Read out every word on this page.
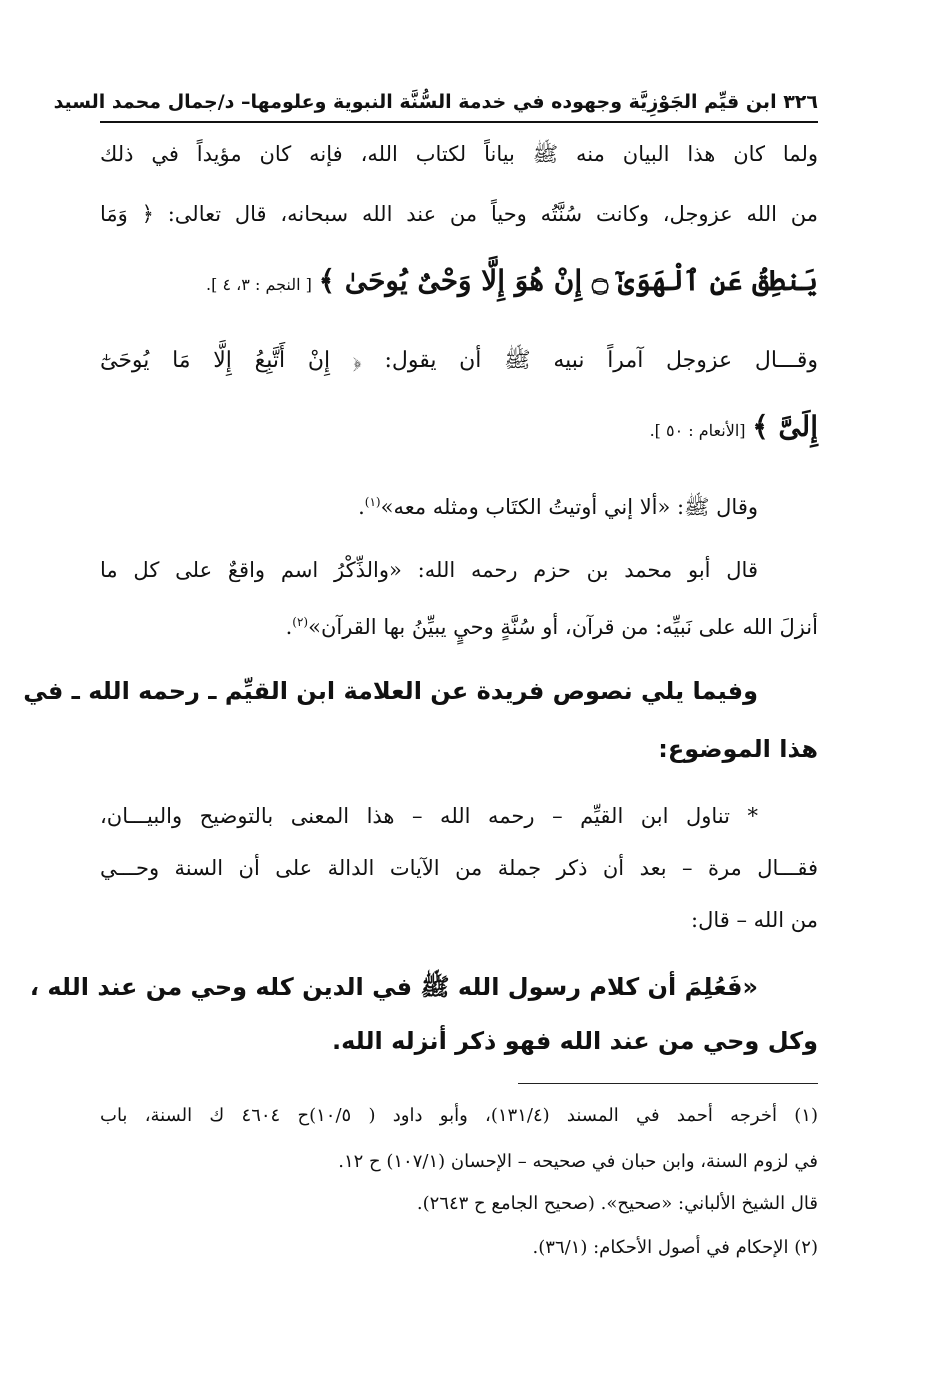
٣٢٦ ابن قيِّم الجَوْزِيَّة وجهوده في خدمة السُّنَّة النبوية وعلومها– د/جمال محمد السيد
ولما كان هذا البيان منه ﷺ بياناً لكتاب الله، فإنه كان مؤيداً في ذلك
من الله عزوجل، وكانت سُنَّتُه وحياً من عند الله سبحانه، قال تعالى: ﴿ وَمَا
يَنطِقُ عَنِ ٱلْهَوَىٰٓ ۝ إِنْ هُوَ إِلَّا وَحْىٌ يُوحَىٰ ﴾ [ النجم : ٣، ٤ ].
وقـــال عزوجل آمراً نبيه ﷺ أن يقول: ﴿ إِنْ أَتَّبِعُ إِلَّا مَا يُوحَىٰٓ
إِلَىَّ ﴾ [الأنعام : ٥٠ ].
وقال ﷺ: «ألا إني أوتيتُ الكتَاب ومثله معه»$^{(١)}$.
قال أبو محمد بن حزم رحمه الله: «والذِّكْرُ اسم واقعٌ على كل ما
أنزلَ الله على نَبيِّه: من قرآن، أو سُنَّةٍ وحيٍ يبيِّنُ بها القرآن»$^{(٢)}$.
وفيما يلي نصوص فريدة عن العلامة ابن القيِّم ـ رحمه الله ـ في
هذا الموضوع:
* تناول ابن القيِّم – رحمه الله – هذا المعنى بالتوضيح والبيـــان،
فقـــال مرة – بعد أن ذكر جملة من الآيات الدالة على أن السنة وحـــي
من الله – قال:
«فَعُلِمَ أن كلام رسول الله ﷺ في الدين كله وحي من عند الله ،
وكل وحي من عند الله فهو ذكر أنزله الله.
(١) أخرجه أحمد في المسند (١٣١/٤)، وأبو داود ( ١٠/٥)ح ٤٦٠٤ ك السنة، باب
في لزوم السنة، وابن حبان في صحيحه – الإحسان (١٠٧/١) ح ١٢.
قال الشيخ الألباني: «صحيح». (صحيح الجامع ح ٢٦٤٣).
(٢) الإحكام في أصول الأحكام: (٣٦/١).
